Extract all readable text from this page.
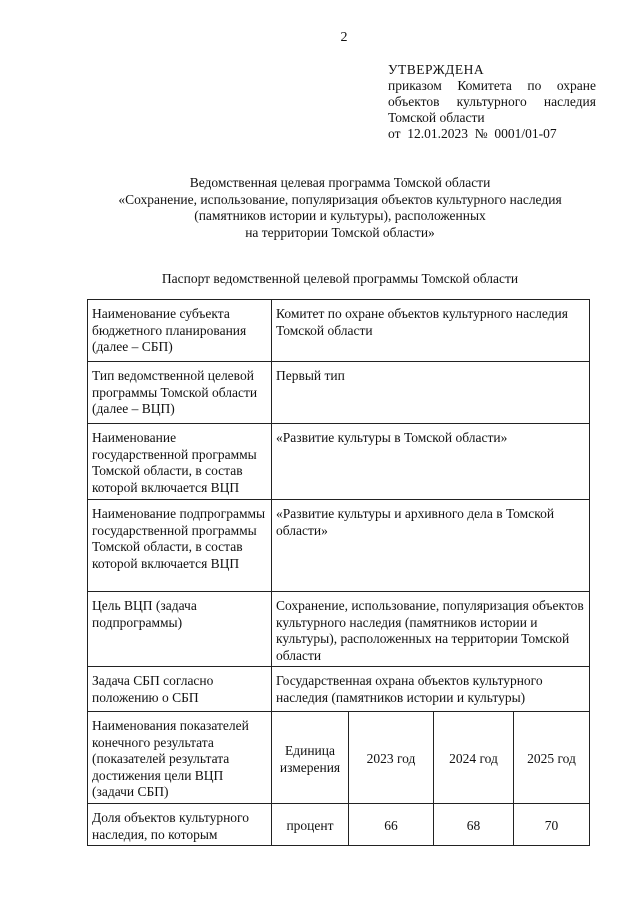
2
УТВЕРЖДЕНА
приказом Комитета по охране
объектов культурного наследия
Томской области
от  12.01.2023  №  0001/01-07
Ведомственная целевая программа Томской области
«Сохранение, использование, популяризация объектов культурного наследия
(памятников истории и культуры), расположенных
на территории Томской области»
Паспорт ведомственной целевой программы Томской области
Наименование субъекта бюджетного планирования (далее – СБП)	Комитет по охране объектов культурного наследия Томской области			
Тип ведомственной целевой программы Томской области (далее – ВЦП)	Первый тип			
Наименование государственной программы Томской области, в состав которой включается ВЦП	«Развитие культуры в Томской области»			
Наименование подпрограммы государственной программы Томской области, в состав которой включается ВЦП	«Развитие культуры и архивного дела в Томской области»			
Цель ВЦП (задача подпрограммы)	Сохранение, использование, популяризация объектов культурного наследия (памятников истории и культуры), расположенных на территории Томской области			
Задача СБП согласно положению о СБП	Государственная охрана объектов культурного наследия (памятников истории и культуры)			
Наименования показателей конечного результата (показателей результата достижения цели ВЦП (задачи СБП)	Единица измерения	2023 год	2024 год	2025 год
Доля объектов культурного наследия, по которым	процент	66	68	70
